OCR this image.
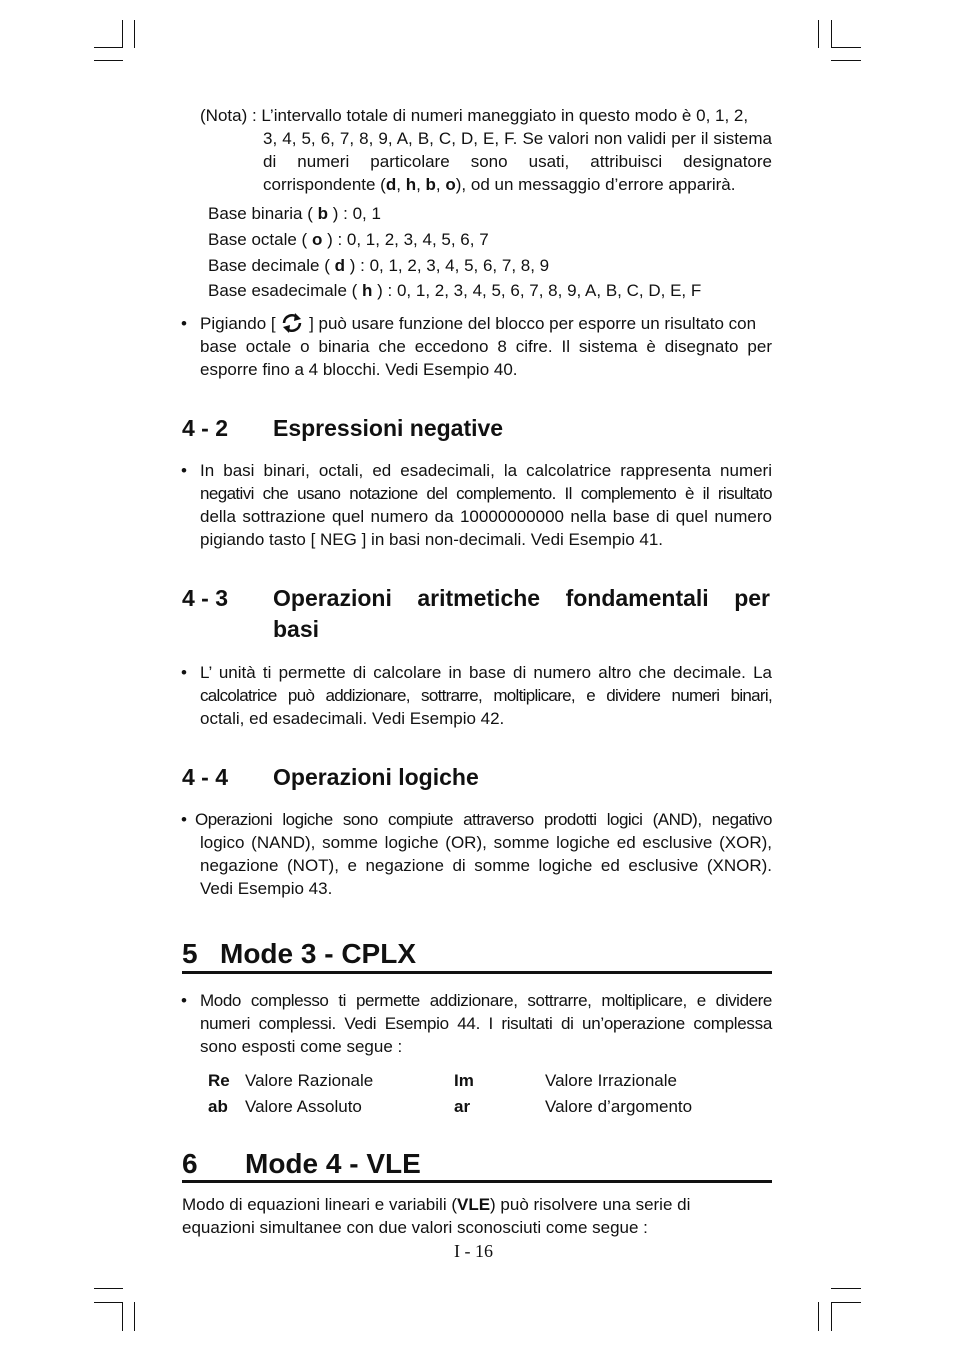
(Nota) : L’intervallo totale di numeri maneggiato in questo modo è 0, 1, 2,
3, 4, 5, 6, 7, 8, 9, A, B, C, D, E, F. Se valori non validi per il sistema
di numeri particolare sono usati, attribuisci designatore
corrispondente (d, h, b, o), od un messaggio d’errore apparirà.
Base binaria ( b ) : 0, 1
Base octale ( o ) : 0, 1, 2, 3, 4, 5, 6, 7
Base decimale ( d ) : 0, 1, 2, 3, 4, 5, 6, 7, 8, 9
Base esadecimale ( h ) : 0, 1, 2, 3, 4, 5, 6, 7, 8, 9, A, B, C, D, E, F
• Pigiando [  ] può usare funzione del blocco per esporre un risultato con
base octale o binaria che eccedono 8 cifre. Il sistema è disegnato per
esporre fino a 4 blocchi. Vedi Esempio 40.
4 - 2 Espressioni negative
• In basi binari, octali, ed esadecimali, la calcolatrice rappresenta numeri
negativi che usano notazione del complemento. Il complemento è il risultato
della sottrazione quel numero da 10000000000 nella base di quel numero
pigiando tasto [ NEG ] in basi non-decimali. Vedi Esempio 41.
4 - 3 Operazioni aritmetiche fondamentali per
basi
• L’ unità ti permette di calcolare in base di numero altro che decimale. La
calcolatrice può addizionare, sottrarre, moltiplicare, e dividere numeri binari,
octali, ed esadecimali. Vedi Esempio 42.
4 - 4 Operazioni logiche
• Operazioni logiche sono compiute attraverso prodotti logici (AND), negativo
logico (NAND), somme logiche (OR), somme logiche ed esclusive (XOR),
negazione (NOT), e negazione di somme logiche ed esclusive (XNOR).
Vedi Esempio 43.
5 Mode 3 - CPLX
• Modo complesso ti permette addizionare, sottrarre, moltiplicare, e dividere
numeri complessi. Vedi Esempio 44. I risultati di un’operazione complessa
sono esposti come segue :
Re Valore Razionale	Im	Valore Irrazionale
ab Valore Assoluto	ar	Valore d’argomento
6 Mode 4 - VLE
Modo di equazioni lineari e variabili (VLE) può risolvere una serie di
equazioni simultanee con due valori sconosciuti come segue :
I - 16
